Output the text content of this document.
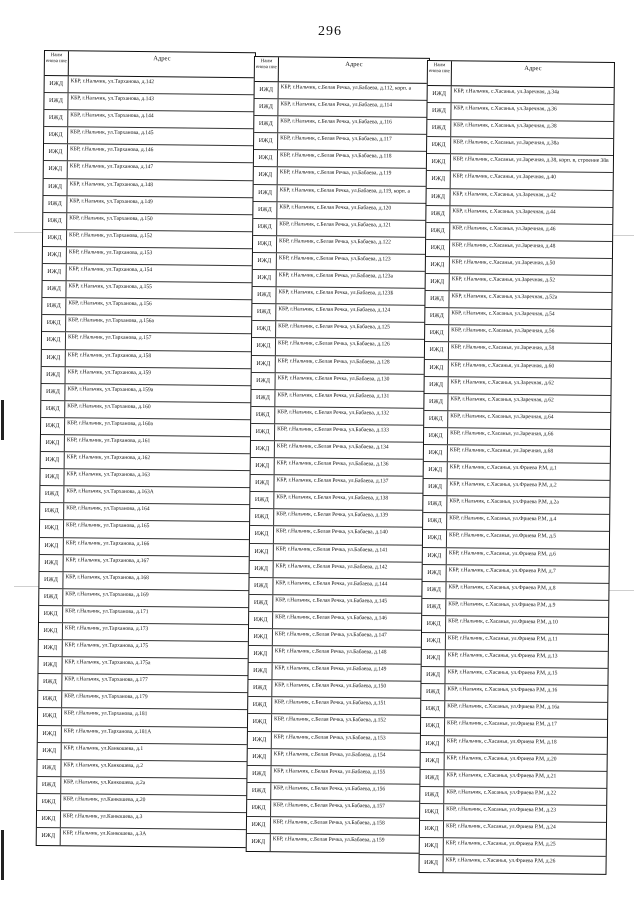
296
Наим енова ние	Адрес
ИЖД	КБР, г.Нальчик, ул.Тарханова, д.142
ИЖД	КБР, г.Нальчик, ул.Тарханова, д.143
ИЖД	КБР, г.Нальчик, ул.Тарханова, д.144
ИЖД	КБР, г.Нальчик, ул.Тарханова, д.145
ИЖД	КБР, г.Нальчик, ул.Тарханова, д.146
ИЖД	КБР, г.Нальчик, ул.Тарханова, д.147
ИЖД	КБР, г.Нальчик, ул.Тарханова, д.148
ИЖД	КБР, г.Нальчик, ул.Тарханова, д.149
ИЖД	КБР, г.Нальчик, ул.Тарханова, д.150
ИЖД	КБР, г.Нальчик, ул.Тарханова, д.152
ИЖД	КБР, г.Нальчик, ул.Тарханова, д.153
ИЖД	КБР, г.Нальчик, ул.Тарханова, д.154
ИЖД	КБР, г.Нальчик, ул.Тарханова, д.155
ИЖД	КБР, г.Нальчик, ул.Тарханова, д.156
ИЖД	КБР, г.Нальчик, ул.Тарханова, д.156а
ИЖД	КБР, г.Нальчик, ул.Тарханова, д.157
ИЖД	КБР, г.Нальчик, ул.Тарханова, д.158
ИЖД	КБР, г.Нальчик, ул.Тарханова, д.159
ИЖД	КБР, г.Нальчик, ул.Тарханова, д.159а
ИЖД	КБР, г.Нальчик, ул.Тарханова, д.160
ИЖД	КБР, г.Нальчик, ул.Тарханова, д.160а
ИЖД	КБР, г.Нальчик, ул.Тарханова, д.161
ИЖД	КБР, г.Нальчик, ул.Тарханова, д.162
ИЖД	КБР, г.Нальчик, ул.Тарханова, д.163
ИЖД	КБР, г.Нальчик, ул.Тарханова, д.163А
ИЖД	КБР, г.Нальчик, ул.Тарханова, д.164
ИЖД	КБР, г.Нальчик, ул.Тарханова, д.165
ИЖД	КБР, г.Нальчик, ул.Тарханова, д.166
ИЖД	КБР, г.Нальчик, ул.Тарханова, д.167
ИЖД	КБР, г.Нальчик, ул.Тарханова, д.168
ИЖД	КБР, г.Нальчик, ул.Тарханова, д.169
ИЖД	КБР, г.Нальчик, ул.Тарханова, д.171
ИЖД	КБР, г.Нальчик, ул.Тарханова, д.173
ИЖД	КБР, г.Нальчик, ул.Тарханова, д.175
ИЖД	КБР, г.Нальчик, ул.Тарханова, д.175а
ИЖД	КБР, г.Нальчик, ул.Тарханова, д.177
ИЖД	КБР, г.Нальчик, ул.Тарханова, д.179
ИЖД	КБР, г.Нальчик, ул.Тарханова, д.181
ИЖД	КБР, г.Нальчик, ул.Тарханова, д.181А
ИЖД	КБР, г.Нальчик, ул.Канкошева, д.1
ИЖД	КБР, г.Нальчик, ул.Канкошева, д.2
ИЖД	КБР, г.Нальчик, ул.Канкошева, д.2а
ИЖД	КБР, г.Нальчик, ул.Канкошева, д.20
ИЖД	КБР, г.Нальчик, ул.Канкошева, д.3
ИЖД	КБР, г.Нальчик, ул.Канкошева, д.3А
Наим енова ние	Адрес
ИЖД	КБР, г.Нальчик, с.Белая Речка, ул.Бабаева, д.112, корп. а
ИЖД	КБР, г.Нальчик, с.Белая Речка, ул.Бабаева, д.114
ИЖД	КБР, г.Нальчик, с.Белая Речка, ул.Бабаева, д.116
ИЖД	КБР, г.Нальчик, с.Белая Речка, ул.Бабаева, д.117
ИЖД	КБР, г.Нальчик, с.Белая Речка, ул.Бабаева, д.118
ИЖД	КБР, г.Нальчик, с.Белая Речка, ул.Бабаева, д.119
ИЖД	КБР, г.Нальчик, с.Белая Речка, ул.Бабаева, д.119, корп. а
ИЖД	КБР, г.Нальчик, с.Белая Речка, ул.Бабаева, д.120
ИЖД	КБР, г.Нальчик, с.Белая Речка, ул.Бабаева, д.121
ИЖД	КБР, г.Нальчик, с.Белая Речка, ул.Бабаева, д.122
ИЖД	КБР, г.Нальчик, с.Белая Речка, ул.Бабаева, д.123
ИЖД	КБР, г.Нальчик, с.Белая Речка, ул.Бабаева, д.123а
ИЖД	КБР, г.Нальчик, с.Белая Речка, ул.Бабаева, д.123Б
ИЖД	КБР, г.Нальчик, с.Белая Речка, ул.Бабаева, д.124
ИЖД	КБР, г.Нальчик, с.Белая Речка, ул.Бабаева, д.125
ИЖД	КБР, г.Нальчик, с.Белая Речка, ул.Бабаева, д.126
ИЖД	КБР, г.Нальчик, с.Белая Речка, ул.Бабаева, д.128
ИЖД	КБР, г.Нальчик, с.Белая Речка, ул.Бабаева, д.130
ИЖД	КБР, г.Нальчик, с.Белая Речка, ул.Бабаева, д.131
ИЖД	КБР, г.Нальчик, с.Белая Речка, ул.Бабаева, д.132
ИЖД	КБР, г.Нальчик, с.Белая Речка, ул.Бабаева, д.133
ИЖД	КБР, г.Нальчик, с.Белая Речка, ул.Бабаева, д.134
ИЖД	КБР, г.Нальчик, с.Белая Речка, ул.Бабаева, д.136
ИЖД	КБР, г.Нальчик, с.Белая Речка, ул.Бабаева, д.137
ИЖД	КБР, г.Нальчик, с.Белая Речка, ул.Бабаева, д.138
ИЖД	КБР, г.Нальчик, с.Белая Речка, ул.Бабаева, д.139
ИЖД	КБР, г.Нальчик, с.Белая Речка, ул.Бабаева, д.140
ИЖД	КБР, г.Нальчик, с.Белая Речка, ул.Бабаева, д.141
ИЖД	КБР, г.Нальчик, с.Белая Речка, ул.Бабаева, д.142
ИЖД	КБР, г.Нальчик, с.Белая Речка, ул.Бабаева, д.144
ИЖД	КБР, г.Нальчик, с.Белая Речка, ул.Бабаева, д.145
ИЖД	КБР, г.Нальчик, с.Белая Речка, ул.Бабаева, д.146
ИЖД	КБР, г.Нальчик, с.Белая Речка, ул.Бабаева, д.147
ИЖД	КБР, г.Нальчик, с.Белая Речка, ул.Бабаева, д.148
ИЖД	КБР, г.Нальчик, с.Белая Речка, ул.Бабаева, д.149
ИЖД	КБР, г.Нальчик, с.Белая Речка, ул.Бабаева, д.150
ИЖД	КБР, г.Нальчик, с.Белая Речка, ул.Бабаева, д.151
ИЖД	КБР, г.Нальчик, с.Белая Речка, ул.Бабаева, д.152
ИЖД	КБР, г.Нальчик, с.Белая Речка, ул.Бабаева, д.153
ИЖД	КБР, г.Нальчик, с.Белая Речка, ул.Бабаева, д.154
ИЖД	КБР, г.Нальчик, с.Белая Речка, ул.Бабаева, д.155
ИЖД	КБР, г.Нальчик, с.Белая Речка, ул.Бабаева, д.156
ИЖД	КБР, г.Нальчик, с.Белая Речка, ул.Бабаева, д.157
ИЖД	КБР, г.Нальчик, с.Белая Речка, ул.Бабаева, д.158
ИЖД	КБР, г.Нальчик, с.Белая Речка, ул.Бабаева, д.159
Наим енова ние	Адрес
ИЖД	КБР, г.Нальчик, с.Хасанья, ул.Заречная, д.34а
ИЖД	КБР, г.Нальчик, с.Хасанья, ул.Заречная, д.36
ИЖД	КБР, г.Нальчик, с.Хасанья, ул.Заречная, д.38
ИЖД	КБР, г.Нальчик, с.Хасанья, ул.Заречная, д.38а
ИЖД	КБР, г.Нальчик, с.Хасанья, ул.Заречная, д.38, корп. в, строение 38в
ИЖД	КБР, г.Нальчик, с.Хасанья, ул.Заречная, д.40
ИЖД	КБР, г.Нальчик, с.Хасанья, ул.Заречная, д.42
ИЖД	КБР, г.Нальчик, с.Хасанья, ул.Заречная, д.44
ИЖД	КБР, г.Нальчик, с.Хасанья, ул.Заречная, д.46
ИЖД	КБР, г.Нальчик, с.Хасанья, ул.Заречная, д.48
ИЖД	КБР, г.Нальчик, с.Хасанья, ул.Заречная, д.50
ИЖД	КБР, г.Нальчик, с.Хасанья, ул.Заречная, д.52
ИЖД	КБР, г.Нальчик, с.Хасанья, ул.Заречная, д.52а
ИЖД	КБР, г.Нальчик, с.Хасанья, ул.Заречная, д.54
ИЖД	КБР, г.Нальчик, с.Хасанья, ул.Заречная, д.56
ИЖД	КБР, г.Нальчик, с.Хасанья, ул.Заречная, д.58
ИЖД	КБР, г.Нальчик, с.Хасанья, ул.Заречная, д.60
ИЖД	КБР, г.Нальчик, с.Хасанья, ул.Заречная, д.62
ИЖД	КБР, г.Нальчик, с.Хасанья, ул.Заречная, д.62
ИЖД	КБР, г.Нальчик, с.Хасанья, ул.Заречная, д.64
ИЖД	КБР, г.Нальчик, с.Хасанья, ул.Заречная, д.66
ИЖД	КБР, г.Нальчик, с.Хасанья, ул.Заречная, д.68
ИЖД	КБР, г.Нальчик, с.Хасанья, ул.Фриева Р.М, д.1
ИЖД	КБР, г.Нальчик, с.Хасанья, ул.Фриева Р.М, д.2
ИЖД	КБР, г.Нальчик, с.Хасанья, ул.Фриева Р.М, д.2а
ИЖД	КБР, г.Нальчик, с.Хасанья, ул.Фриева Р.М, д.4
ИЖД	КБР, г.Нальчик, с.Хасанья, ул.Фриева Р.М, д.5
ИЖД	КБР, г.Нальчик, с.Хасанья, ул.Фриева Р.М, д.6
ИЖД	КБР, г.Нальчик, с.Хасанья, ул.Фриева Р.М, д.7
ИЖД	КБР, г.Нальчик, с.Хасанья, ул.Фриева Р.М, д.8
ИЖД	КБР, г.Нальчик, с.Хасанья, ул.Фриева Р.М, д.9
ИЖД	КБР, г.Нальчик, с.Хасанья, ул.Фриева Р.М, д.10
ИЖД	КБР, г.Нальчик, с.Хасанья, ул.Фриева Р.М, д.11
ИЖД	КБР, г.Нальчик, с.Хасанья, ул.Фриева Р.М, д.13
ИЖД	КБР, г.Нальчик, с.Хасанья, ул.Фриева Р.М, д.15
ИЖД	КБР, г.Нальчик, с.Хасанья, ул.Фриева Р.М, д.16
ИЖД	КБР, г.Нальчик, с.Хасанья, ул.Фриева Р.М, д.16а
ИЖД	КБР, г.Нальчик, с.Хасанья, ул.Фриева Р.М, д.17
ИЖД	КБР, г.Нальчик, с.Хасанья, ул.Фриева Р.М, д.18
ИЖД	КБР, г.Нальчик, с.Хасанья, ул.Фриева Р.М, д.20
ИЖД	КБР, г.Нальчик, с.Хасанья, ул.Фриева Р.М, д.21
ИЖД	КБР, г.Нальчик, с.Хасанья, ул.Фриева Р.М, д.22
ИЖД	КБР, г.Нальчик, с.Хасанья, ул.Фриева Р.М, д.23
ИЖД	КБР, г.Нальчик, с.Хасанья, ул.Фриева Р.М, д.24
ИЖД	КБР, г.Нальчик, с.Хасанья, ул.Фриева Р.М, д.25
ИЖД	КБР, г.Нальчик, с.Хасанья, ул.Фриева Р.М, д.26
